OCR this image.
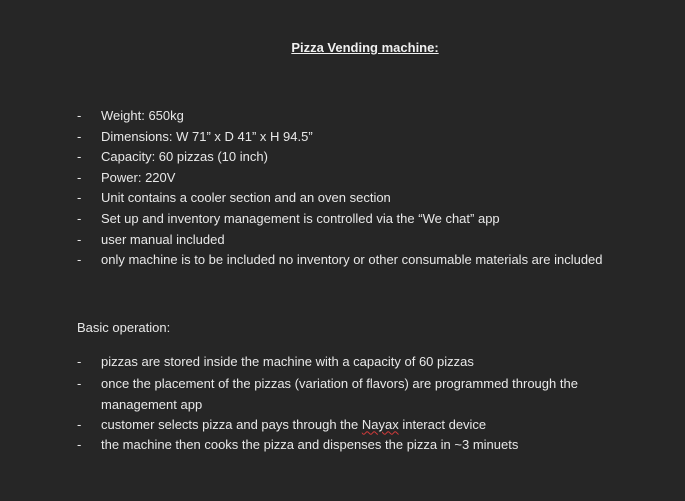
Pizza Vending machine:
- Weight: 650kg
- Dimensions: W 71” x D 41” x H 94.5”
- Capacity: 60 pizzas (10 inch)
- Power: 220V
- Unit contains a cooler section and an oven section
- Set up and inventory management is controlled via the “We chat” app
- user manual included
- only machine is to be included no inventory or other consumable materials are included
Basic operation:
- pizzas are stored inside the machine with a capacity of 60 pizzas
- once the placement of the pizzas (variation of flavors) are programmed through the management app
- customer selects pizza and pays through the Nayax interact device
- the machine then cooks the pizza and dispenses the pizza in ~3 minuets
